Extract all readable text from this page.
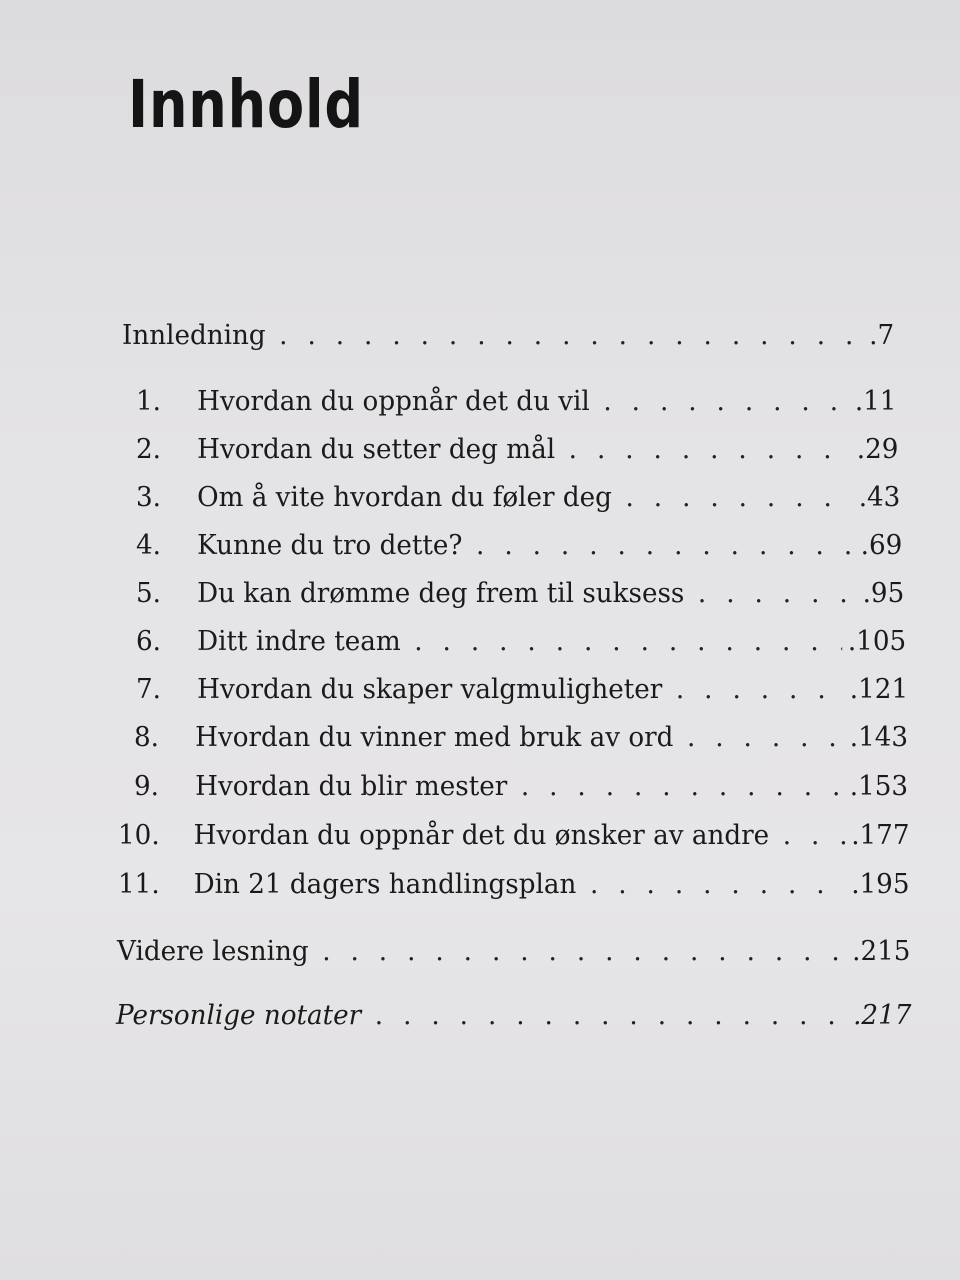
Innhold
Innledning . . .	.7
1.	Hvordan du oppnår det du vil . . .	.11
2.	Hvordan du setter deg mål . . .	.29
3.	Om å vite hvordan du føler deg . . .	.43
4.	Kunne du tro dette? . . .	.69
5.	Du kan drømme deg frem til suksess . . .	.95
6.	Ditt indre team . . .	.105
7.	Hvordan du skaper valgmuligheter . . .	.121
8.	Hvordan du vinner med bruk av ord . . .	.143
9.	Hvordan du blir mester . . .	.153
10.	Hvordan du oppnår det du ønsker av andre . . .	.177
11.	Din 21 dagers handlingsplan . . .	.195
Videre lesning . . .	.215
Personlige notater . . .	.217
